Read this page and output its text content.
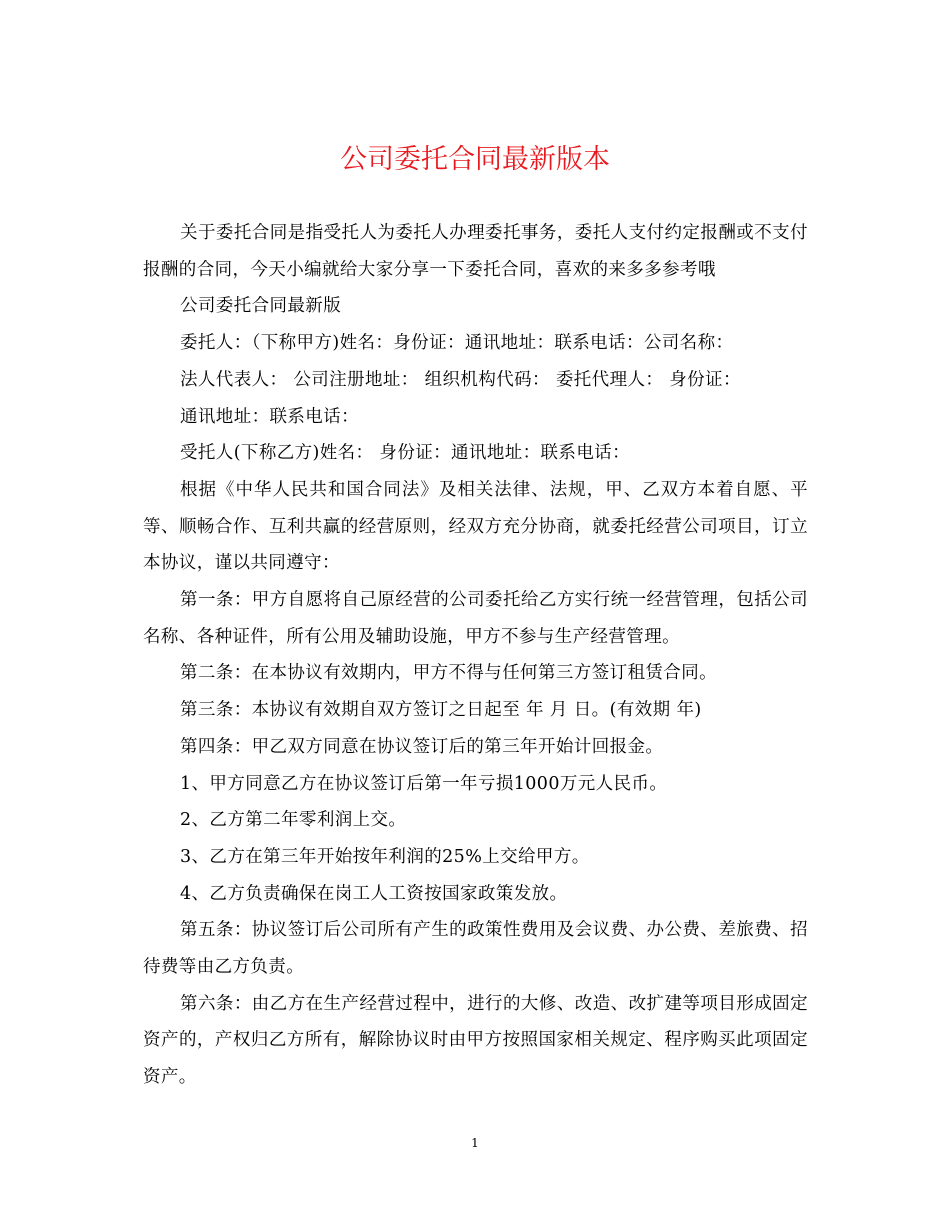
公司委托合同最新版本

关于委托合同是指受托人为委托人办理委托事务，委托人支付约定报酬或不支付报酬的合同，今天小编就给大家分享一下委托合同，喜欢的来多多参考哦

公司委托合同最新版

委托人：（下称甲方)姓名：身份证：通讯地址：联系电话：公司名称：

法人代表人： 公司注册地址： 组织机构代码： 委托代理人： 身份证：

通讯地址：联系电话：

受托人(下称乙方)姓名： 身份证：通讯地址：联系电话：

根据《中华人民共和国合同法》及相关法律、法规，甲、乙双方本着自愿、平等、顺畅合作、互利共赢的经营原则，经双方充分协商，就委托经营公司项目，订立本协议，谨以共同遵守：

第一条：甲方自愿将自己原经营的公司委托给乙方实行统一经营管理，包括公司名称、各种证件，所有公用及辅助设施，甲方不参与生产经营管理。

第二条：在本协议有效期内，甲方不得与任何第三方签订租赁合同。

第三条：本协议有效期自双方签订之日起至 年 月 日。(有效期 年)

第四条：甲乙双方同意在协议签订后的第三年开始计回报金。

1、甲方同意乙方在协议签订后第一年亏损1000万元人民币。

2、乙方第二年零利润上交。

3、乙方在第三年开始按年利润的25%上交给甲方。

4、乙方负责确保在岗工人工资按国家政策发放。

第五条：协议签订后公司所有产生的政策性费用及会议费、办公费、差旅费、招待费等由乙方负责。

第六条：由乙方在生产经营过程中，进行的大修、改造、改扩建等项目形成固定资产的，产权归乙方所有，解除协议时由甲方按照国家相关规定、程序购买此项固定资产。

1
